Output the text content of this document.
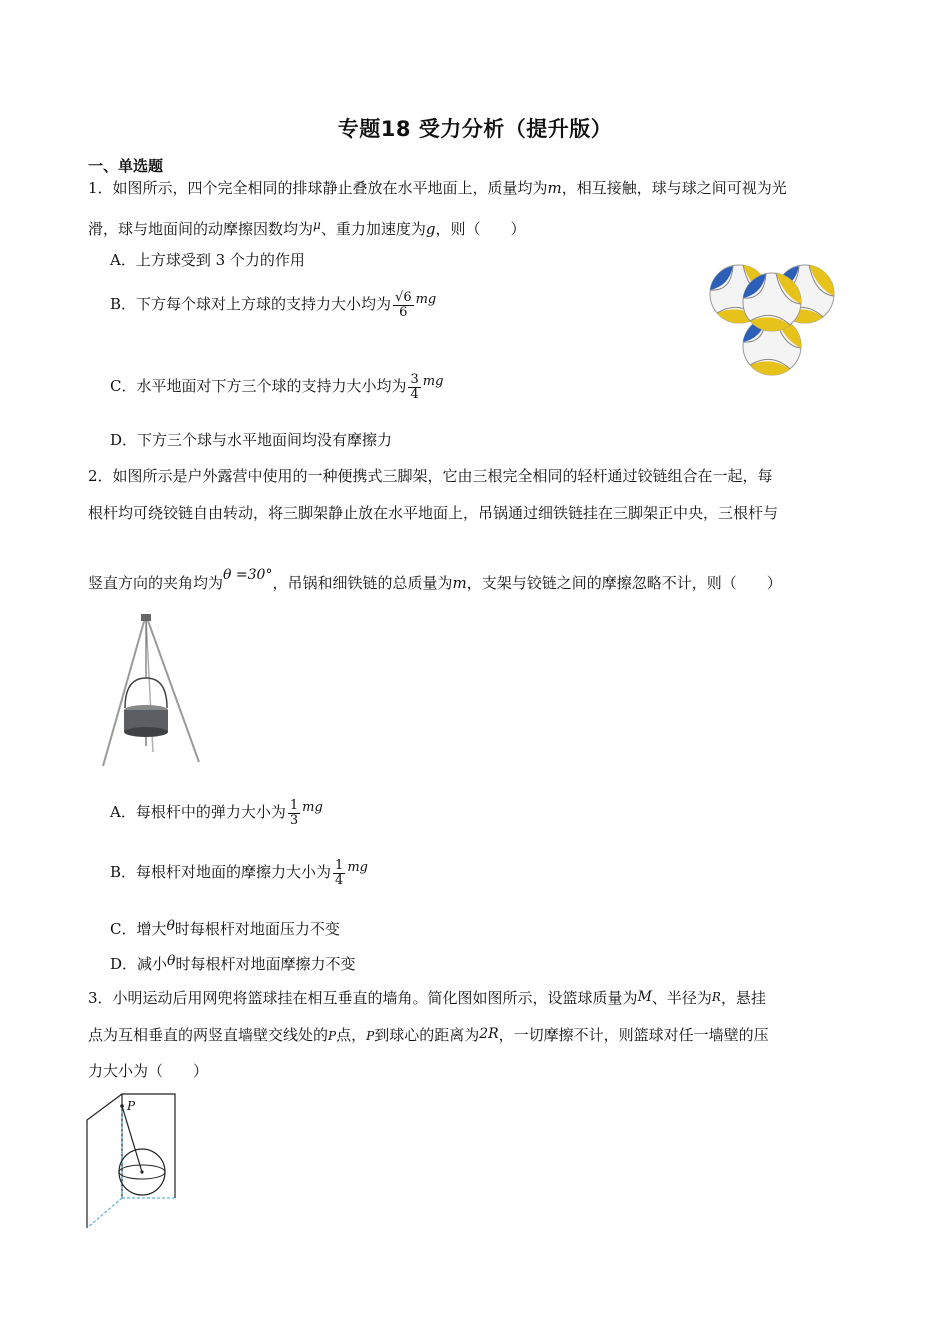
专题18 受力分析（提升版）
一、单选题
1．如图所示，四个完全相同的排球静止叠放在水平地面上，质量均为m，相互接触，球与球之间可视为光
滑，球与地面间的动摩擦因数均为$^\mu$、重力加速度为g，则（　　）
A．上方球受到 3 个力的作用
B．下方每个球对上方球的支持力大小均为 $\frac{√6}{6}$ mg
C．水平地面对下方三个球的支持力大小均为 $\frac{3}{4}$ mg
D．下方三个球与水平地面间均没有摩擦力
2．如图所示是户外露营中使用的一种便携式三脚架，它由三根完全相同的轻杆通过铰链组合在一起，每
根杆均可绕铰链自由转动，将三脚架静止放在水平地面上，吊锅通过细铁链挂在三脚架正中央，三根杆与
竖直方向的夹角均为θ =30°，吊锅和细铁链的总质量为m，支架与铰链之间的摩擦忽略不计，则（　　）
A．每根杆中的弹力大小为 $\frac{1}{3}$ mg
B．每根杆对地面的摩擦力大小为 $\frac{1}{4}$ mg
C．增大θ时每根杆对地面压力不变
D．减小θ时每根杆对地面摩擦力不变
3．小明运动后用网兜将篮球挂在相互垂直的墙角。简化图如图所示，设篮球质量为M、半径为R，悬挂
点为互相垂直的两竖直墙壁交线处的P点，P到球心的距离为2R，一切摩擦不计，则篮球对任一墙壁的压
力大小为（　　）
P
